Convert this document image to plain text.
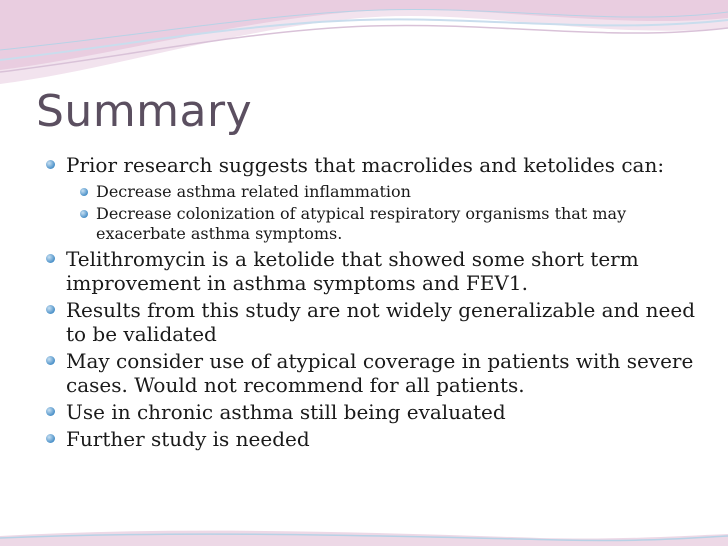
Summary
Prior research suggests that macrolides and ketolides can:
Decrease asthma related inflammation
Decrease colonization of atypical respiratory organisms that may exacerbate asthma symptoms.
Telithromycin is a ketolide that showed some short term improvement in asthma symptoms and FEV1.
Results from this study are not widely generalizable and need to be validated
May consider use of atypical coverage in patients with severe cases. Would not recommend for all patients.
Use in chronic asthma still being evaluated
Further study is needed
